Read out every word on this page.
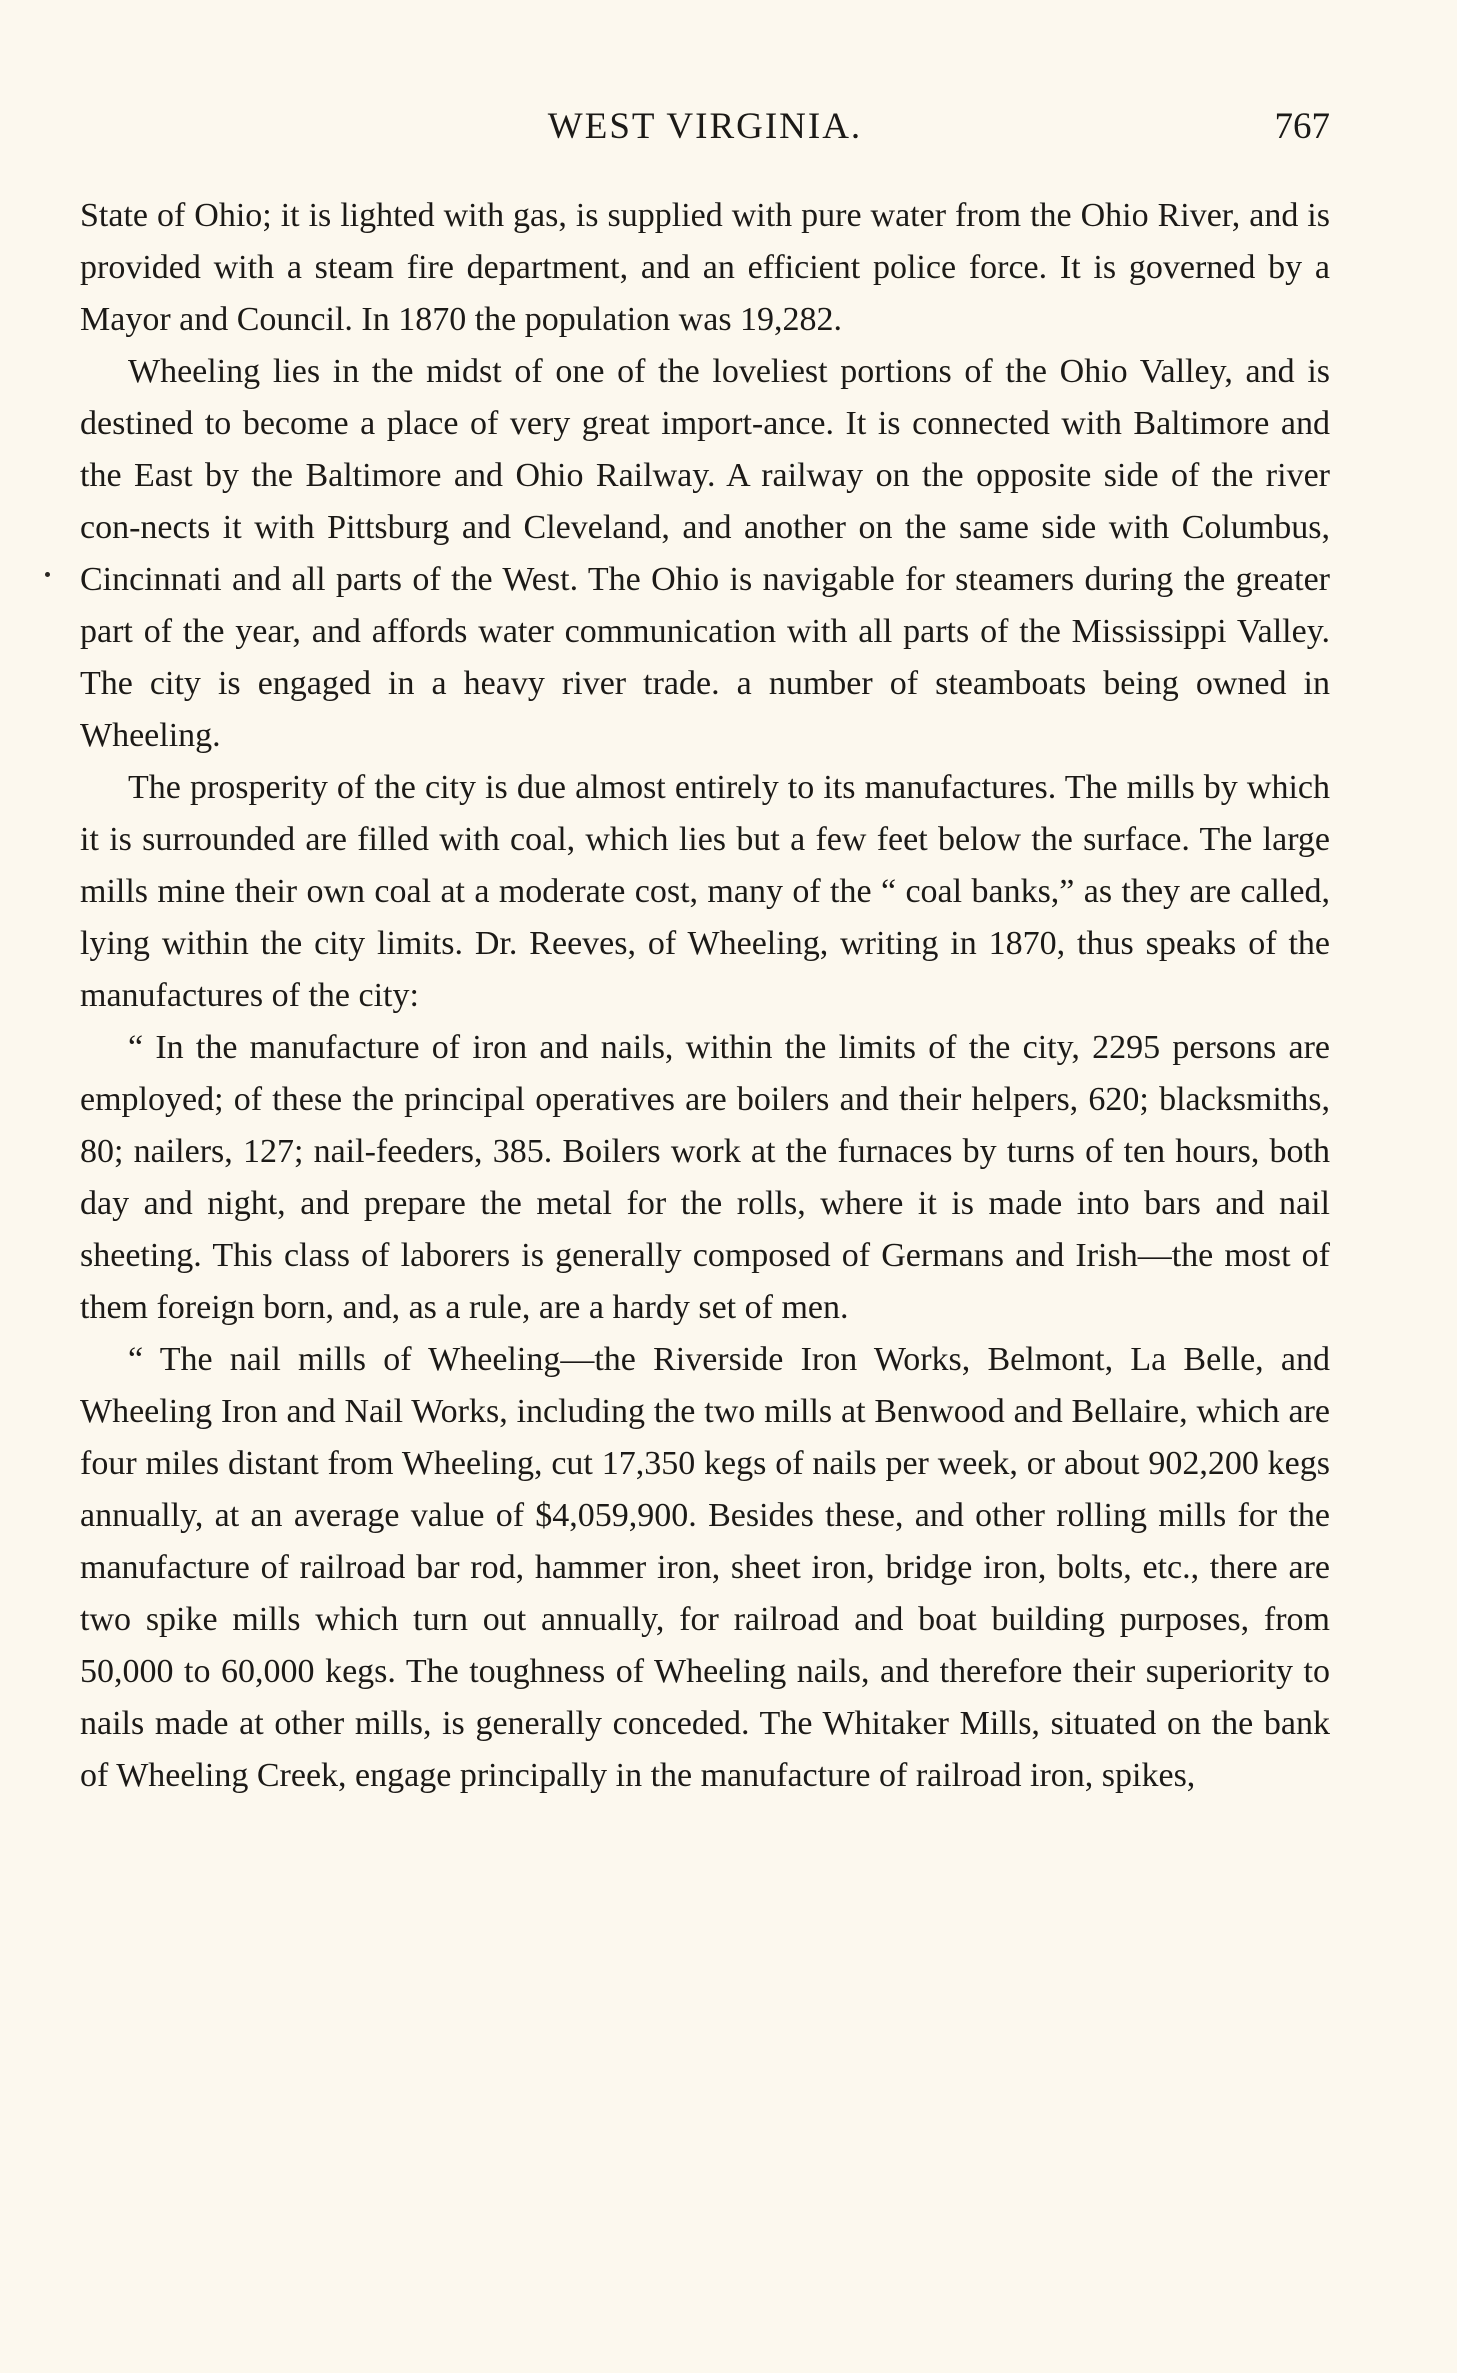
WEST VIRGINIA.	767

State of Ohio; it is lighted with gas, is supplied with pure water from the Ohio River, and is provided with a steam fire department, and an efficient police force. It is governed by a Mayor and Council. In 1870 the population was 19,282.

Wheeling lies in the midst of one of the loveliest portions of the Ohio Valley, and is destined to become a place of very great import-ance. It is connected with Baltimore and the East by the Baltimore and Ohio Railway. A railway on the opposite side of the river con-nects it with Pittsburg and Cleveland, and another on the same side with Columbus, Cincinnati and all parts of the West. The Ohio is navigable for steamers during the greater part of the year, and affords water communication with all parts of the Mississippi Valley. The city is engaged in a heavy river trade. a number of steamboats being owned in Wheeling.

The prosperity of the city is due almost entirely to its manufactures. The mills by which it is surrounded are filled with coal, which lies but a few feet below the surface. The large mills mine their own coal at a moderate cost, many of the “ coal banks,” as they are called, lying within the city limits. Dr. Reeves, of Wheeling, writing in 1870, thus speaks of the manufactures of the city:

“ In the manufacture of iron and nails, within the limits of the city, 2295 persons are employed; of these the principal operatives are boilers and their helpers, 620; blacksmiths, 80; nailers, 127; nail-feeders, 385. Boilers work at the furnaces by turns of ten hours, both day and night, and prepare the metal for the rolls, where it is made into bars and nail sheeting. This class of laborers is generally composed of Germans and Irish—the most of them foreign born, and, as a rule, are a hardy set of men.

“ The nail mills of Wheeling—the Riverside Iron Works, Belmont, La Belle, and Wheeling Iron and Nail Works, including the two mills at Benwood and Bellaire, which are four miles distant from Wheeling, cut 17,350 kegs of nails per week, or about 902,200 kegs annually, at an average value of $4,059,900. Besides these, and other rolling mills for the manufacture of railroad bar rod, hammer iron, sheet iron, bridge iron, bolts, etc., there are two spike mills which turn out annually, for railroad and boat building purposes, from 50,000 to 60,000 kegs. The toughness of Wheeling nails, and therefore their superiority to nails made at other mills, is generally conceded. The Whitaker Mills, situated on the bank of Wheeling Creek, engage principally in the manufacture of railroad iron, spikes,
